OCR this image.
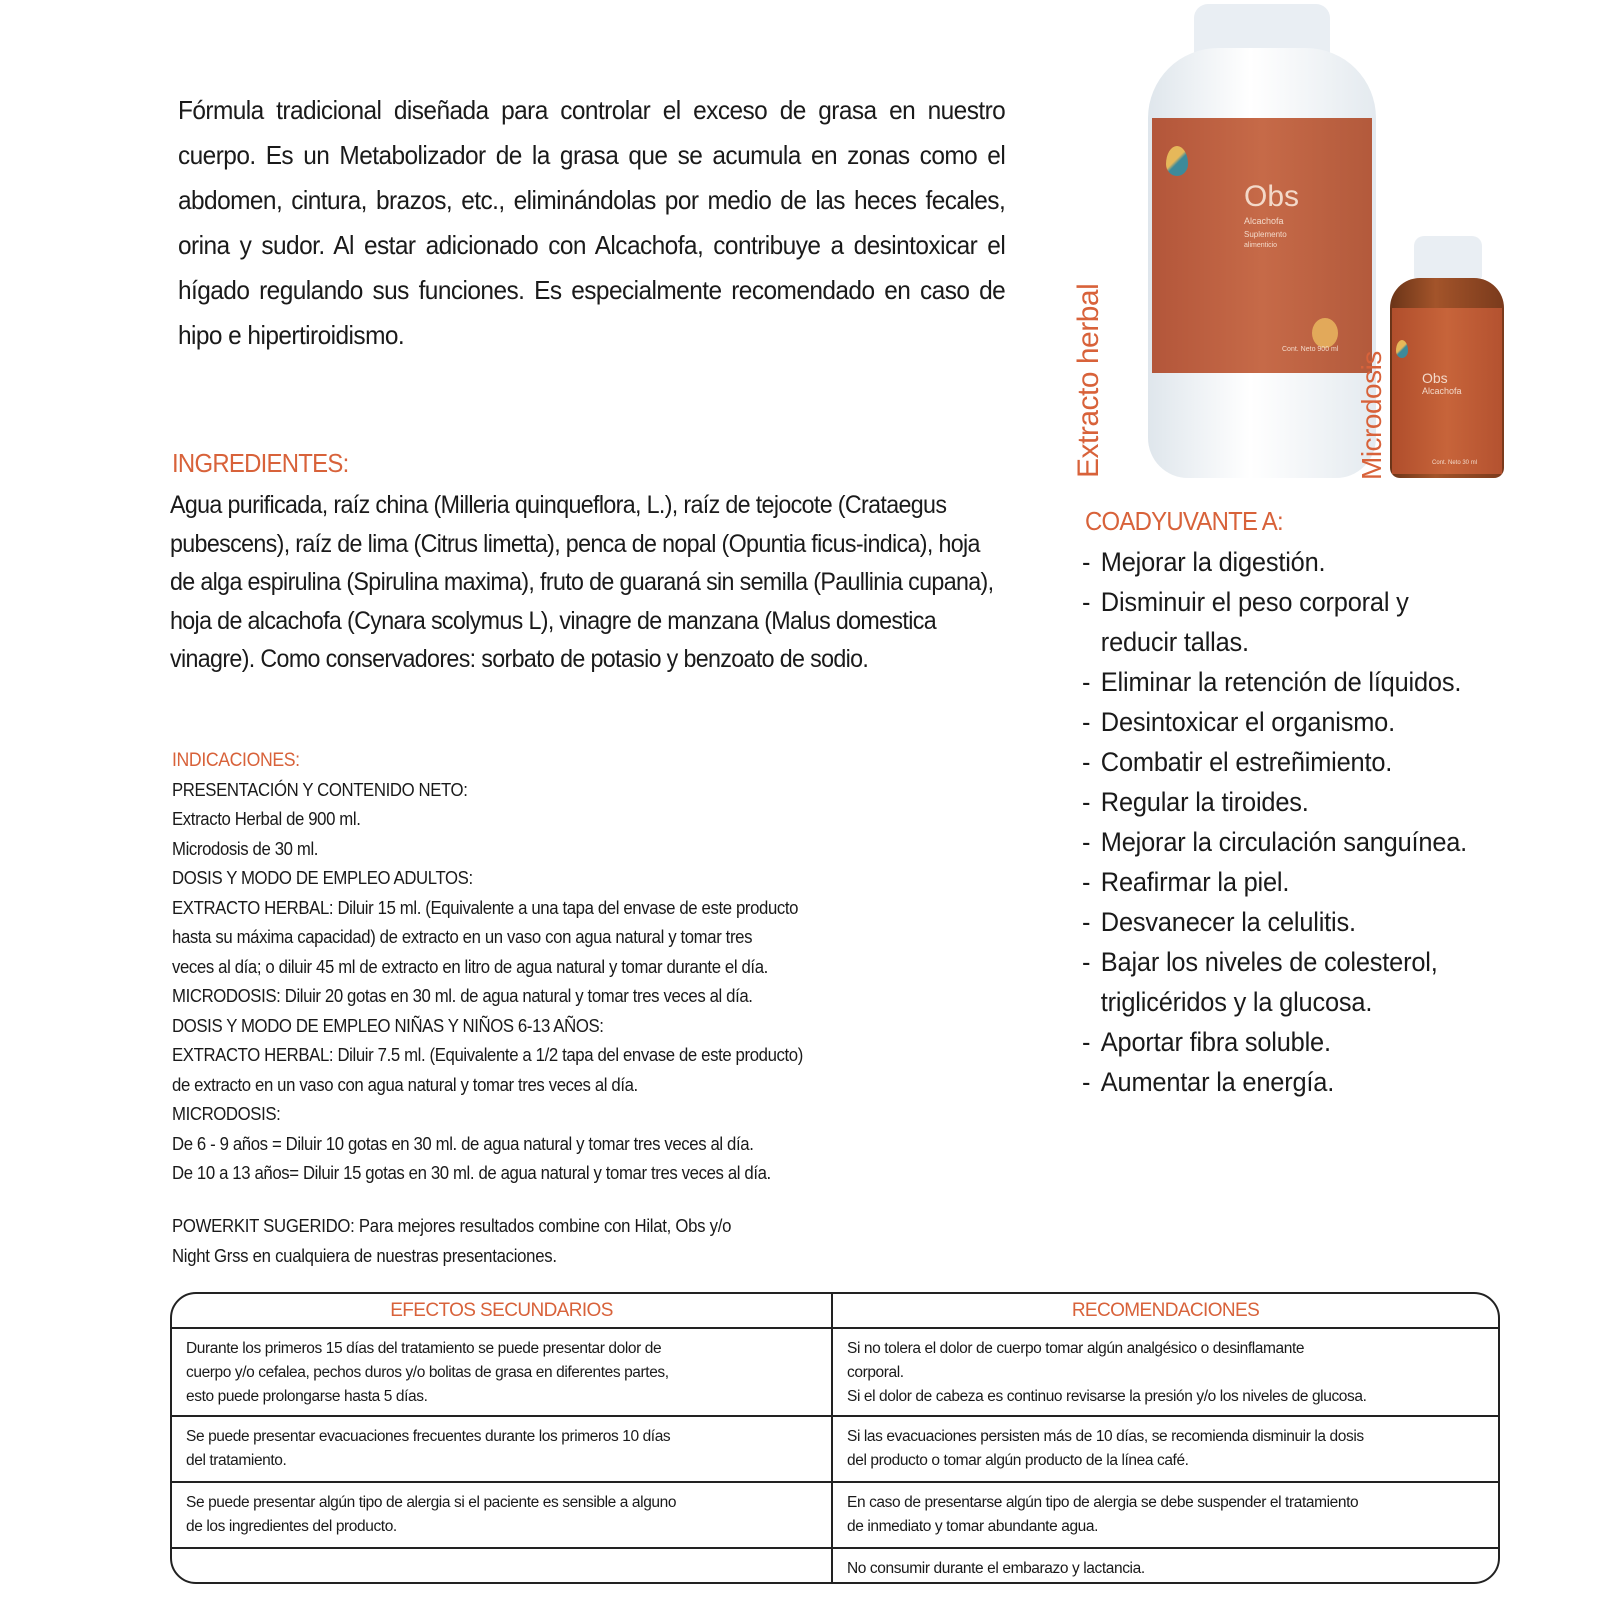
Fórmula tradicional diseñada para controlar el exceso de grasa en nuestro cuerpo. Es un Metabolizador de la grasa que se acumula en zonas como el abdomen, cintura, brazos, etc., eliminándolas por medio de las heces fecales, orina y sudor. Al estar adicionado con Alcachofa, contribuye a desintoxicar el hígado regulando sus funciones. Es especialmente recomendado en caso de hipo e hipertiroidismo.	Extracto herbal
Obs
Alcachofa
Suplemento
alimenticio
Cont. Neto 900 ml
Microdosis	Obs
Alcachofa
Cont. Neto 30 ml
INGREDIENTES:

Agua purificada, raíz china (Milleria quinqueflora, L.), raíz de tejocote (Crataegus pubescens), raíz de lima (Citrus limetta), penca de nopal (Opuntia ficus-indica), hoja de alga espirulina (Spirulina maxima), fruto de guaraná sin semilla (Paullinia cupana), hoja de alcachofa (Cynara scolymus L), vinagre de manzana (Malus domestica vinagre). Como conservadores: sorbato de potasio y benzoato de sodio.

COADYUVANTE A:
- Mejorar la digestión.
- Disminuir el peso corporal y reducir tallas.
- Eliminar la retención de líquidos.
- Desintoxicar el organismo.
- Combatir el estreñimiento.
- Regular la tiroides.
- Mejorar la circulación sanguínea.
- Reafirmar la piel.
- Desvanecer la celulitis.
- Bajar los niveles de colesterol, triglicéridos y la glucosa.
- Aportar fibra soluble.
- Aumentar la energía.
INDICACIONES:
PRESENTACIÓN Y CONTENIDO NETO:
Extracto Herbal de 900 ml.
Microdosis de 30 ml.
DOSIS Y MODO DE EMPLEO ADULTOS:
EXTRACTO HERBAL: Diluir 15 ml. (Equivalente a una tapa del envase de este producto
hasta su máxima capacidad) de extracto en un vaso con agua natural y tomar tres
veces al día; o diluir 45 ml de extracto en litro de agua natural y tomar durante el día.
MICRODOSIS: Diluir 20 gotas en 30 ml. de agua natural y tomar tres veces al día.
DOSIS Y MODO DE EMPLEO NIÑAS Y NIÑOS 6-13 AÑOS:
EXTRACTO HERBAL: Diluir 7.5 ml. (Equivalente a 1/2 tapa del envase de este producto)
de extracto en un vaso con agua natural y tomar tres veces al día.
MICRODOSIS:
De 6 - 9 años = Diluir 10 gotas en 30 ml. de agua natural y tomar tres veces al día.
De 10 a 13 años= Diluir 15 gotas en 30 ml. de agua natural y tomar tres veces al día.
POWERKIT SUGERIDO: Para mejores resultados combine con Hilat, Obs y/o
Night Grss en cualquiera de nuestras presentaciones.
EFECTOS SECUNDARIOS	RECOMENDACIONES

Durante los primeros 15 días del tratamiento se puede presentar dolor de
cuerpo y/o cefalea, pechos duros y/o bolitas de grasa en diferentes partes,
esto puede prolongarse hasta 5 días.	Si no tolera el dolor de cuerpo tomar algún analgésico o desinflamante
corporal.
Si el dolor de cabeza es continuo revisarse la presión y/o los niveles de glucosa.

Se puede presentar evacuaciones frecuentes durante los primeros 10 días
del tratamiento.	Si las evacuaciones persisten más de 10 días, se recomienda disminuir la dosis
del producto o tomar algún producto de la línea café.

Se puede presentar algún tipo de alergia si el paciente es sensible a alguno
de los ingredientes del producto.	En caso de presentarse algún tipo de alergia se debe suspender el tratamiento
de inmediato y tomar abundante agua.

	No consumir durante el embarazo y lactancia.
